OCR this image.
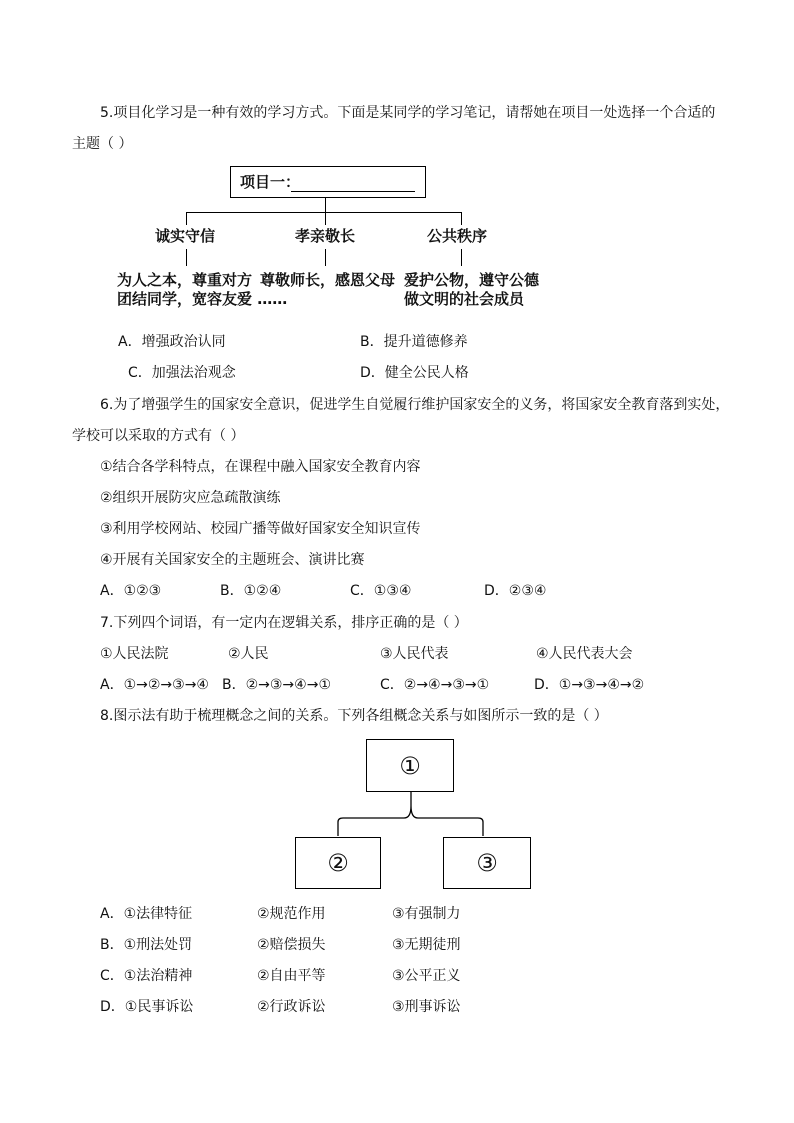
5.项目化学习是一种有效的学习方式。下面是某同学的学习笔记，请帮她在项目一处选择一个合适的
主题（ ）
项目一：
诚实守信	孝亲敬长	公共秩序
为人之本，尊重对方 尊敬师长，感恩父母 爱护公物，遵守公德
团结同学，宽容友爱 ……	做文明的社会成员
A．增强政治认同	B．提升道德修养
C．加强法治观念	D．健全公民人格
6.为了增强学生的国家安全意识，促进学生自觉履行维护国家安全的义务，将国家安全教育落到实处，
学校可以采取的方式有（ ）
①结合各学科特点，在课程中融入国家安全教育内容
②组织开展防灾应急疏散演练
③利用学校网站、校园广播等做好国家安全知识宣传
④开展有关国家安全的主题班会、演讲比赛
A．①②③	B．①②④	C．①③④	D．②③④
7.下列四个词语，有一定内在逻辑关系，排序正确的是（ ）
①人民法院	②人民	③人民代表	④人民代表大会
A．①→②→③→④ B．②→③→④→①	C．②→④→③→①	D．①→③→④→②
8.图示法有助于梳理概念之间的关系。下列各组概念关系与如图所示一致的是（ ）
①
②	③
A．①法律特征	②规范作用	③有强制力
B．①刑法处罚	②赔偿损失	③无期徒刑
C．①法治精神	②自由平等	③公平正义
D．①民事诉讼	②行政诉讼	③刑事诉讼
